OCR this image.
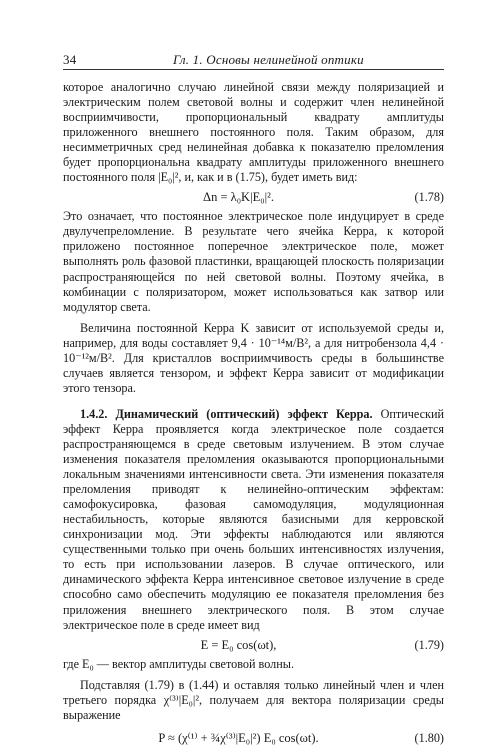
34	Гл. 1. Основы нелинейной оптики

которое аналогично случаю линейной связи между поляризацией и электрическим полем световой волны и содержит член нелинейной восприимчивости, пропорциональный квадрату амплитуды приложенного внешнего постоянного поля. Таким образом, для несимметричных сред нелинейная добавка к показателю преломления будет пропорциональна квадрату амплитуды приложенного внешнего постоянного поля |E₀|², и, как и в (1.75), будет иметь вид:

Δn = λ₀K|E₀|².	(1.78)

Это означает, что постоянное электрическое поле индуцирует в среде двулучепреломление. В результате чего ячейка Керра, к которой приложено постоянное поперечное электрическое поле, может выполнять роль фазовой пластинки, вращающей плоскость поляризации распространяющейся по ней световой волны. Поэтому ячейка, в комбинации с поляризатором, может использоваться как затвор или модулятор света.

Величина постоянной Керра K зависит от используемой среды и, например, для воды составляет 9,4 · 10⁻¹⁴м/В², а для нитробензола 4,4 · 10⁻¹²м/В². Для кристаллов восприимчивость среды в большинстве случаев является тензором, и эффект Керра зависит от модификации этого тензора.

1.4.2. Динамический (оптический) эффект Керра. Оптический эффект Керра проявляется когда электрическое поле создается распространяющемся в среде световым излучением. В этом случае изменения показателя преломления оказываются пропорциональными локальным значениями интенсивности света. Эти изменения показателя преломления приводят к нелинейно-оптическим эффектам: самофокусировка, фазовая самомодуляция, модуляционная нестабильность, которые являются базисными для керровской синхронизации мод. Эти эффекты наблюдаются или являются существенными только при очень больших интенсивностях излучения, то есть при использовании лазеров. В случае оптического, или динамического эффекта Керра интенсивное световое излучение в среде способно само обеспечить модуляцию ее показателя преломления без приложения внешнего электрического поля. В этом случае электрическое поле в среде имеет вид

E = E₀ cos(ωt),	(1.79)

где E₀ — вектор амплитуды световой волны.

Подставляя (1.79) в (1.44) и оставляя только линейный член и член третьего порядка χ⁽³⁾|E₀|², получаем для вектора поляризации среды выражение

P ≈ (χ⁽¹⁾ + ¾χ⁽³⁾|E₀|²) E₀ cos(ωt).	(1.80)
